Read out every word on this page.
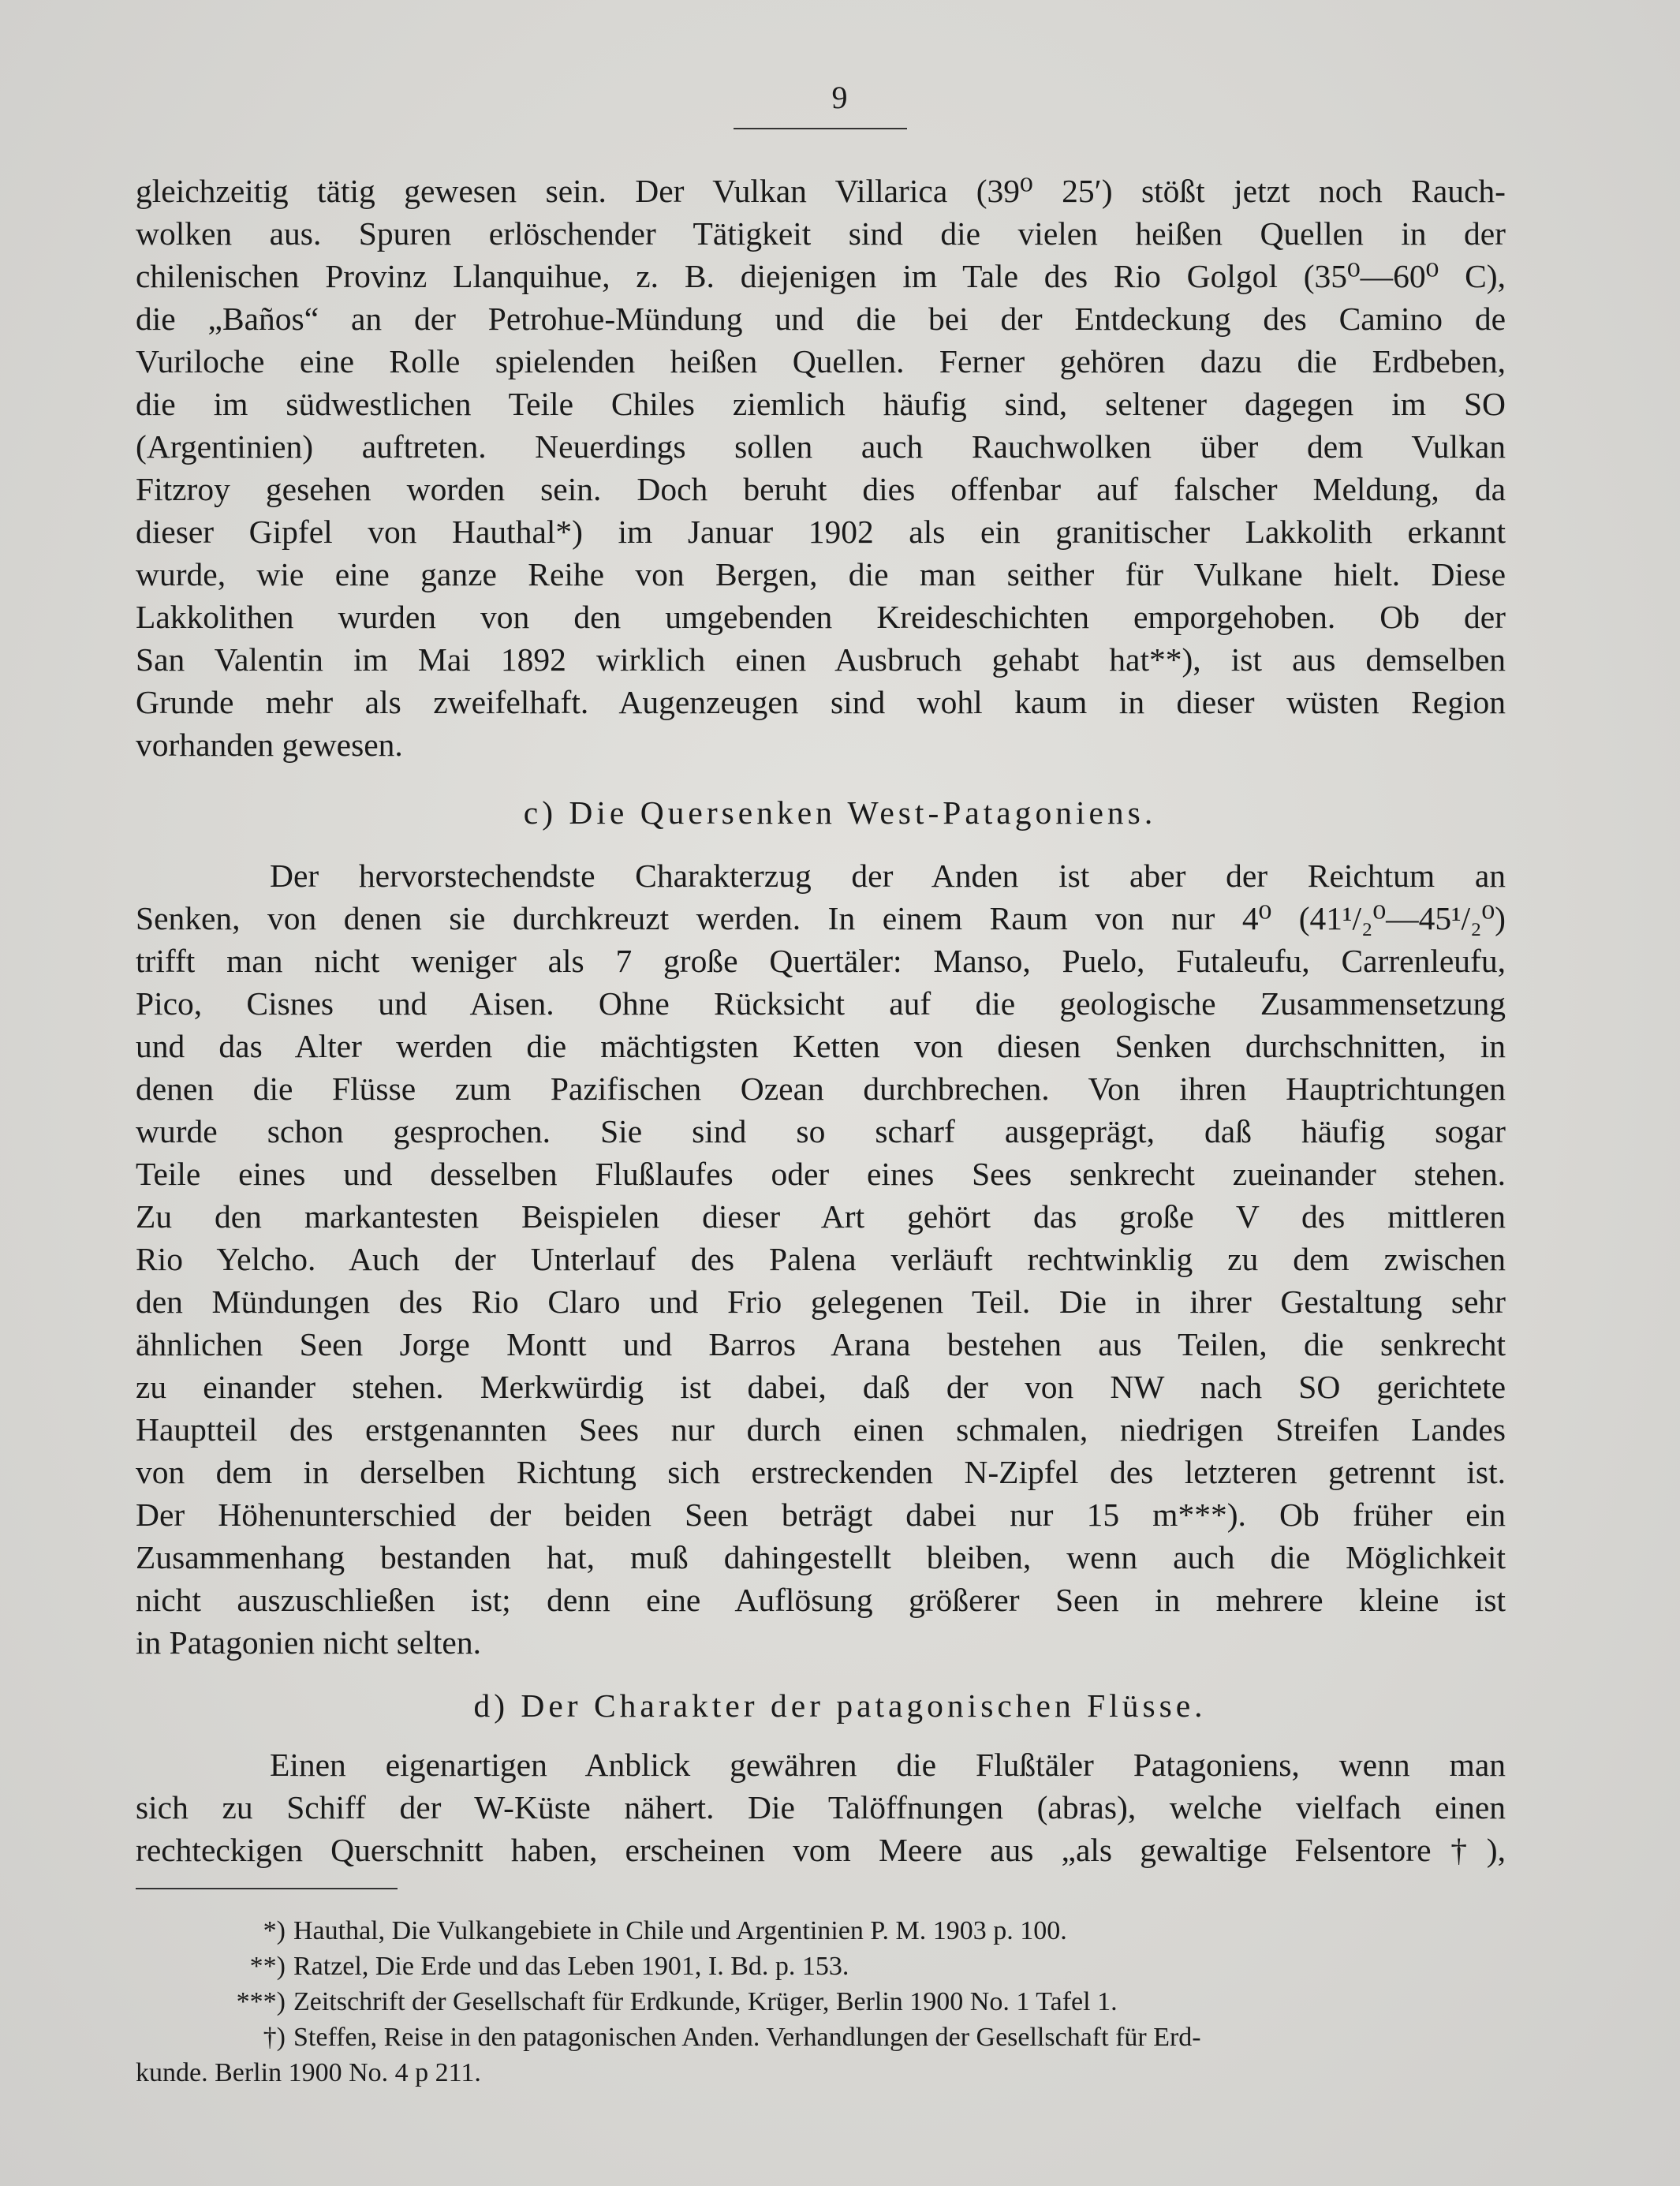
9
gleichzeitig tätig gewesen sein. Der Vulkan Villarica (39⁰ 25′) stößt jetzt noch Rauch-
wolken aus. Spuren erlöschender Tätigkeit sind die vielen heißen Quellen in der
chilenischen Provinz Llanquihue, z. B. diejenigen im Tale des Rio Golgol (35⁰—60⁰ C),
die „Baños“ an der Petrohue-Mündung und die bei der Entdeckung des Camino de
Vuriloche eine Rolle spielenden heißen Quellen. Ferner gehören dazu die Erdbeben,
die im südwestlichen Teile Chiles ziemlich häufig sind, seltener dagegen im SO
(Argentinien) auftreten. Neuerdings sollen auch Rauchwolken über dem Vulkan
Fitzroy gesehen worden sein. Doch beruht dies offenbar auf falscher Meldung, da
dieser Gipfel von Hauthal*) im Januar 1902 als ein granitischer Lakkolith erkannt
wurde, wie eine ganze Reihe von Bergen, die man seither für Vulkane hielt. Diese
Lakkolithen wurden von den umgebenden Kreideschichten emporgehoben. Ob der
San Valentin im Mai 1892 wirklich einen Ausbruch gehabt hat**), ist aus demselben
Grunde mehr als zweifelhaft. Augenzeugen sind wohl kaum in dieser wüsten Region
vorhanden gewesen.
c) Die Quersenken West-Patagoniens.
Der hervorstechendste Charakterzug der Anden ist aber der Reichtum an
Senken, von denen sie durchkreuzt werden. In einem Raum von nur 4⁰ (41¹/₂⁰—45¹/₂⁰)
trifft man nicht weniger als 7 große Quertäler: Manso, Puelo, Futaleufu, Carrenleufu,
Pico, Cisnes und Aisen. Ohne Rücksicht auf die geologische Zusammensetzung
und das Alter werden die mächtigsten Ketten von diesen Senken durchschnitten, in
denen die Flüsse zum Pazifischen Ozean durchbrechen. Von ihren Hauptrichtungen
wurde schon gesprochen. Sie sind so scharf ausgeprägt, daß häufig sogar
Teile eines und desselben Flußlaufes oder eines Sees senkrecht zueinander stehen.
Zu den markantesten Beispielen dieser Art gehört das große V des mittleren
Rio Yelcho. Auch der Unterlauf des Palena verläuft rechtwinklig zu dem zwischen
den Mündungen des Rio Claro und Frio gelegenen Teil. Die in ihrer Gestaltung sehr
ähnlichen Seen Jorge Montt und Barros Arana bestehen aus Teilen, die senkrecht
zu einander stehen. Merkwürdig ist dabei, daß der von NW nach SO gerichtete
Hauptteil des erstgenannten Sees nur durch einen schmalen, niedrigen Streifen Landes
von dem in derselben Richtung sich erstreckenden N-Zipfel des letzteren getrennt ist.
Der Höhenunterschied der beiden Seen beträgt dabei nur 15 m***). Ob früher ein
Zusammenhang bestanden hat, muß dahingestellt bleiben, wenn auch die Möglichkeit
nicht auszuschließen ist; denn eine Auflösung größerer Seen in mehrere kleine ist
in Patagonien nicht selten.
d) Der Charakter der patagonischen Flüsse.
Einen eigenartigen Anblick gewähren die Flußtäler Patagoniens, wenn man
sich zu Schiff der W-Küste nähert. Die Talöffnungen (abras), welche vielfach einen
rechteckigen Querschnitt haben, erscheinen vom Meere aus „als gewaltige Felsentore†),
*) Hauthal, Die Vulkangebiete in Chile und Argentinien P. M. 1903 p. 100.
**) Ratzel, Die Erde und das Leben 1901, I. Bd. p. 153.
***) Zeitschrift der Gesellschaft für Erdkunde, Krüger, Berlin 1900 No. 1 Tafel 1.
†) Steffen, Reise in den patagonischen Anden. Verhandlungen der Gesellschaft für Erd-
kunde. Berlin 1900 No. 4 p 211.
